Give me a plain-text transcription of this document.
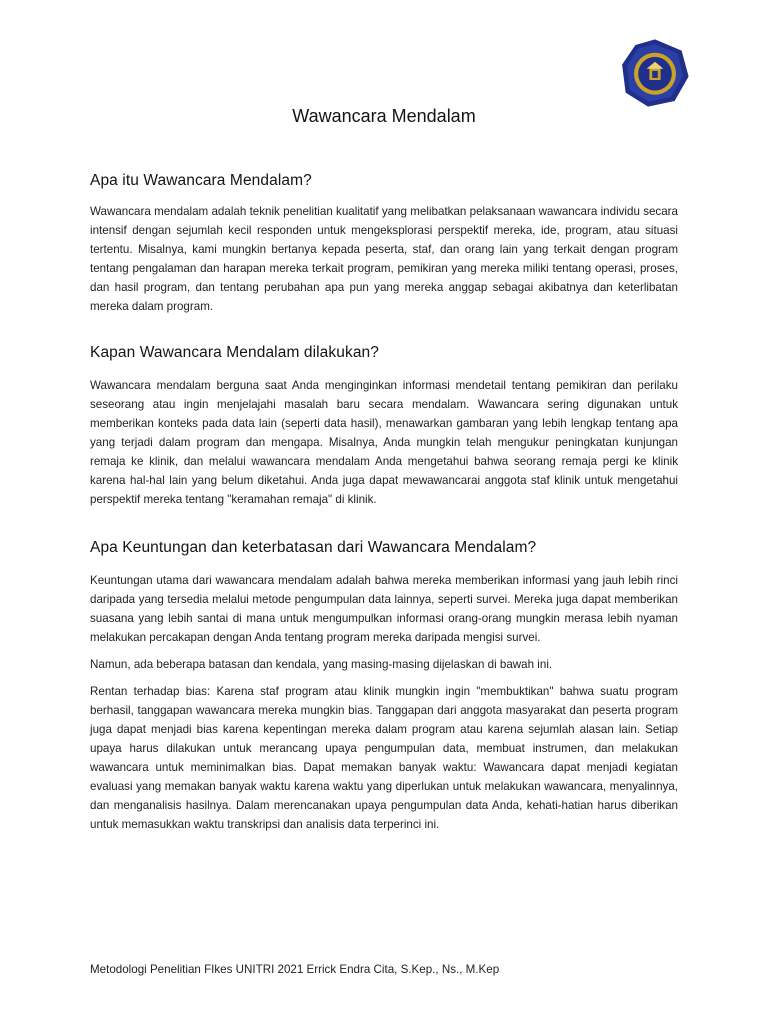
Wawancara Mendalam
Apa itu Wawancara Mendalam?

Wawancara mendalam adalah teknik penelitian kualitatif yang melibatkan pelaksanaan wawancara individu secara intensif dengan sejumlah kecil responden untuk mengeksplorasi perspektif mereka, ide, program, atau situasi tertentu. Misalnya, kami mungkin bertanya kepada peserta, staf, dan orang lain yang terkait dengan program tentang pengalaman dan harapan mereka terkait program, pemikiran yang mereka miliki tentang operasi, proses, dan hasil program, dan tentang perubahan apa pun yang mereka anggap sebagai akibatnya dan keterlibatan mereka dalam program.

Kapan Wawancara Mendalam dilakukan?

Wawancara mendalam berguna saat Anda menginginkan informasi mendetail tentang pemikiran dan perilaku seseorang atau ingin menjelajahi masalah baru secara mendalam. Wawancara sering digunakan untuk memberikan konteks pada data lain (seperti data hasil), menawarkan gambaran yang lebih lengkap tentang apa yang terjadi dalam program dan mengapa. Misalnya, Anda mungkin telah mengukur peningkatan kunjungan remaja ke klinik, dan melalui wawancara mendalam Anda mengetahui bahwa seorang remaja pergi ke klinik karena hal-hal lain yang belum diketahui. Anda juga dapat mewawancarai anggota staf klinik untuk mengetahui perspektif mereka tentang "keramahan remaja" di klinik.

Apa Keuntungan dan keterbatasan dari Wawancara Mendalam?

Keuntungan utama dari wawancara mendalam adalah bahwa mereka memberikan informasi yang jauh lebih rinci daripada yang tersedia melalui metode pengumpulan data lainnya, seperti survei. Mereka juga dapat memberikan suasana yang lebih santai di mana untuk mengumpulkan informasi orang-orang mungkin merasa lebih nyaman melakukan percakapan dengan Anda tentang program mereka daripada mengisi survei.

Namun, ada beberapa batasan dan kendala, yang masing-masing dijelaskan di bawah ini.

Rentan terhadap bias: Karena staf program atau klinik mungkin ingin "membuktikan" bahwa suatu program berhasil, tanggapan wawancara mereka mungkin bias. Tanggapan dari anggota masyarakat dan peserta program juga dapat menjadi bias karena kepentingan mereka dalam program atau karena sejumlah alasan lain. Setiap upaya harus dilakukan untuk merancang upaya pengumpulan data, membuat instrumen, dan melakukan wawancara untuk meminimalkan bias. Dapat memakan banyak waktu: Wawancara dapat menjadi kegiatan evaluasi yang memakan banyak waktu karena waktu yang diperlukan untuk melakukan wawancara, menyalinnya, dan menganalisis hasilnya. Dalam merencanakan upaya pengumpulan data Anda, kehati-hatian harus diberikan untuk memasukkan waktu transkripsi dan analisis data terperinci ini.

Metodologi Penelitian FIkes UNITRI 2021 Errick Endra Cita, S.Kep., Ns., M.Kep
